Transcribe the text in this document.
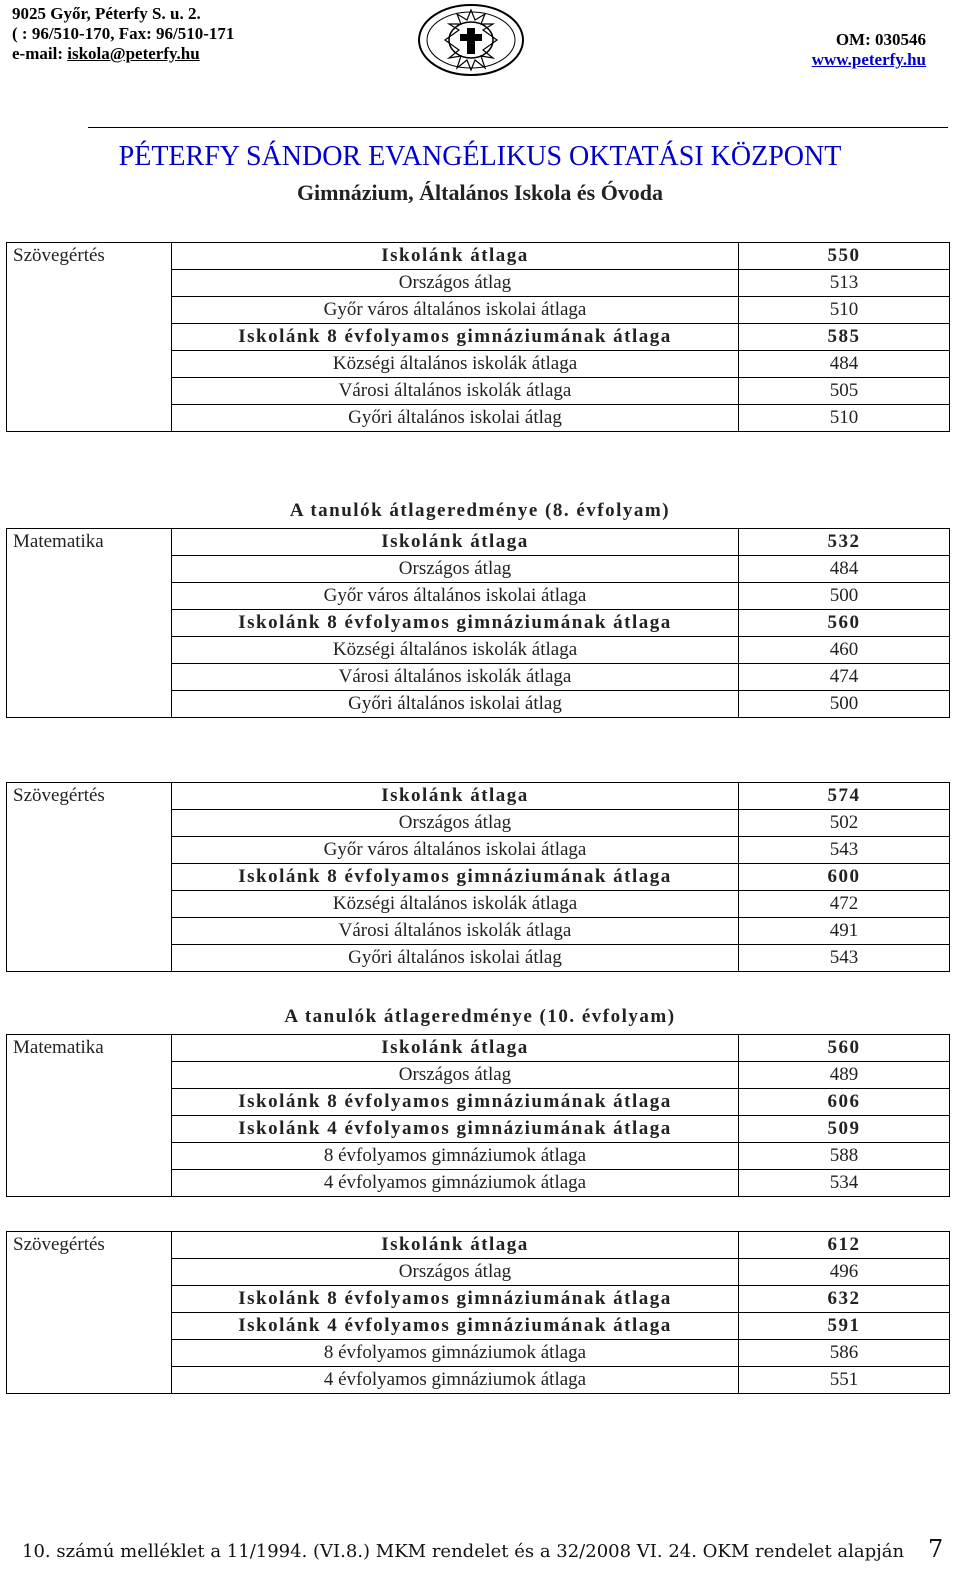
9025 Győr, Péterfy S. u. 2.
( : 96/510-170, Fax: 96/510-171
e-mail: iskola@peterfy.hu
OM: 030546
www.peterfy.hu
PÉTERFY SÁNDOR EVANGÉLIKUS OKTATÁSI KÖZPONT
Gimnázium, Általános Iskola és Óvoda
A tanulók átlageredménye (8. évfolyam)
A tanulók átlageredménye (10. évfolyam)
Szövegértés	Iskolánk átlaga	550
	Országos átlag	513
	Győr város általános iskolai átlaga	510
	Iskolánk 8 évfolyamos gimnáziumának átlaga	585
	Községi általános iskolák átlaga	484
	Városi általános iskolák átlaga	505
	Győri általános iskolai átlag	510
Matematika	Iskolánk átlaga	532
	Országos átlag	484
	Győr város általános iskolai átlaga	500
	Iskolánk 8 évfolyamos gimnáziumának átlaga	560
	Községi általános iskolák átlaga	460
	Városi általános iskolák átlaga	474
	Győri általános iskolai átlag	500
Szövegértés	Iskolánk átlaga	574
	Országos átlag	502
	Győr város általános iskolai átlaga	543
	Iskolánk 8 évfolyamos gimnáziumának átlaga	600
	Községi általános iskolák átlaga	472
	Városi általános iskolák átlaga	491
	Győri általános iskolai átlag	543
Matematika	Iskolánk átlaga	560
	Országos átlag	489
	Iskolánk 8 évfolyamos gimnáziumának átlaga	606
	Iskolánk 4 évfolyamos gimnáziumának átlaga	509
	8 évfolyamos gimnáziumok átlaga	588
	4 évfolyamos gimnáziumok átlaga	534
Szövegértés	Iskolánk átlaga	612
	Országos átlag	496
	Iskolánk 8 évfolyamos gimnáziumának átlaga	632
	Iskolánk 4 évfolyamos gimnáziumának átlaga	591
	8 évfolyamos gimnáziumok átlaga	586
	4 évfolyamos gimnáziumok átlaga	551
10. számú melléklet a 11/1994. (VI.8.) MKM rendelet és a 32/2008 VI. 24. OKM rendelet alapján 7
